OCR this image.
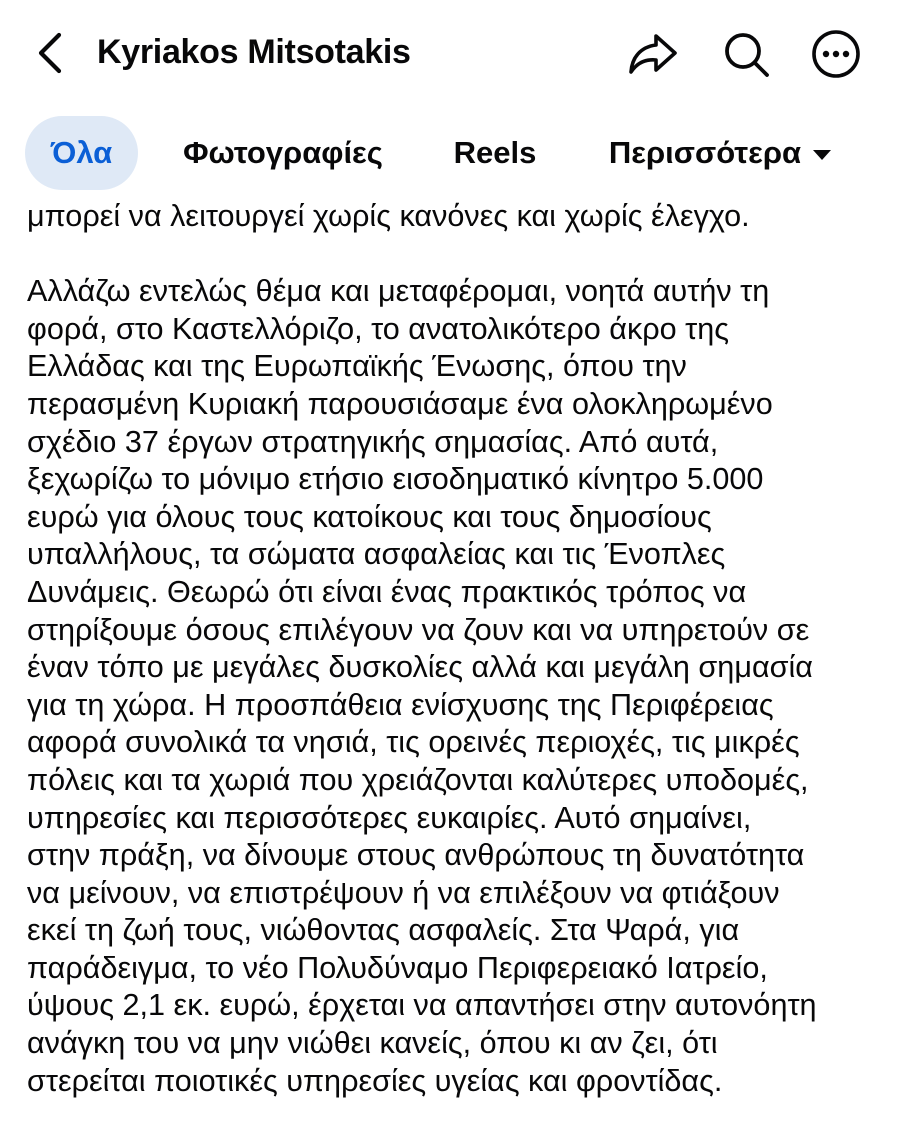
Kyriakos Mitsotakis
Όλα Φωτογραφίες Reels Περισσότερα

μπορεί να λειτουργεί χωρίς κανόνες και χωρίς έλεγχο.

Αλλάζω εντελώς θέμα και μεταφέρομαι, νοητά αυτήν τη

φορά, στο Καστελλόριζο, το ανατολικότερο άκρο της

Ελλάδας και της Ευρωπαϊκής Ένωσης, όπου την

περασμένη Κυριακή παρουσιάσαμε ένα ολοκληρωμένο

σχέδιο 37 έργων στρατηγικής σημασίας. Από αυτά,

ξεχωρίζω το μόνιμο ετήσιο εισοδηματικό κίνητρο 5.000

ευρώ για όλους τους κατοίκους και τους δημοσίους

υπαλλήλους, τα σώματα ασφαλείας και τις Ένοπλες

Δυνάμεις. Θεωρώ ότι είναι ένας πρακτικός τρόπος να

στηρίξουμε όσους επιλέγουν να ζουν και να υπηρετούν σε

έναν τόπο με μεγάλες δυσκολίες αλλά και μεγάλη σημασία

για τη χώρα. Η προσπάθεια ενίσχυσης της Περιφέρειας

αφορά συνολικά τα νησιά, τις ορεινές περιοχές, τις μικρές

πόλεις και τα χωριά που χρειάζονται καλύτερες υποδομές,

υπηρεσίες και περισσότερες ευκαιρίες. Αυτό σημαίνει,

στην πράξη, να δίνουμε στους ανθρώπους τη δυνατότητα

να μείνουν, να επιστρέψουν ή να επιλέξουν να φτιάξουν

εκεί τη ζωή τους, νιώθοντας ασφαλείς. Στα Ψαρά, για

παράδειγμα, το νέο Πολυδύναμο Περιφερειακό Ιατρείο,

ύψους 2,1 εκ. ευρώ, έρχεται να απαντήσει στην αυτονόητη

ανάγκη του να μην νιώθει κανείς, όπου κι αν ζει, ότι

στερείται ποιοτικές υπηρεσίες υγείας και φροντίδας.
